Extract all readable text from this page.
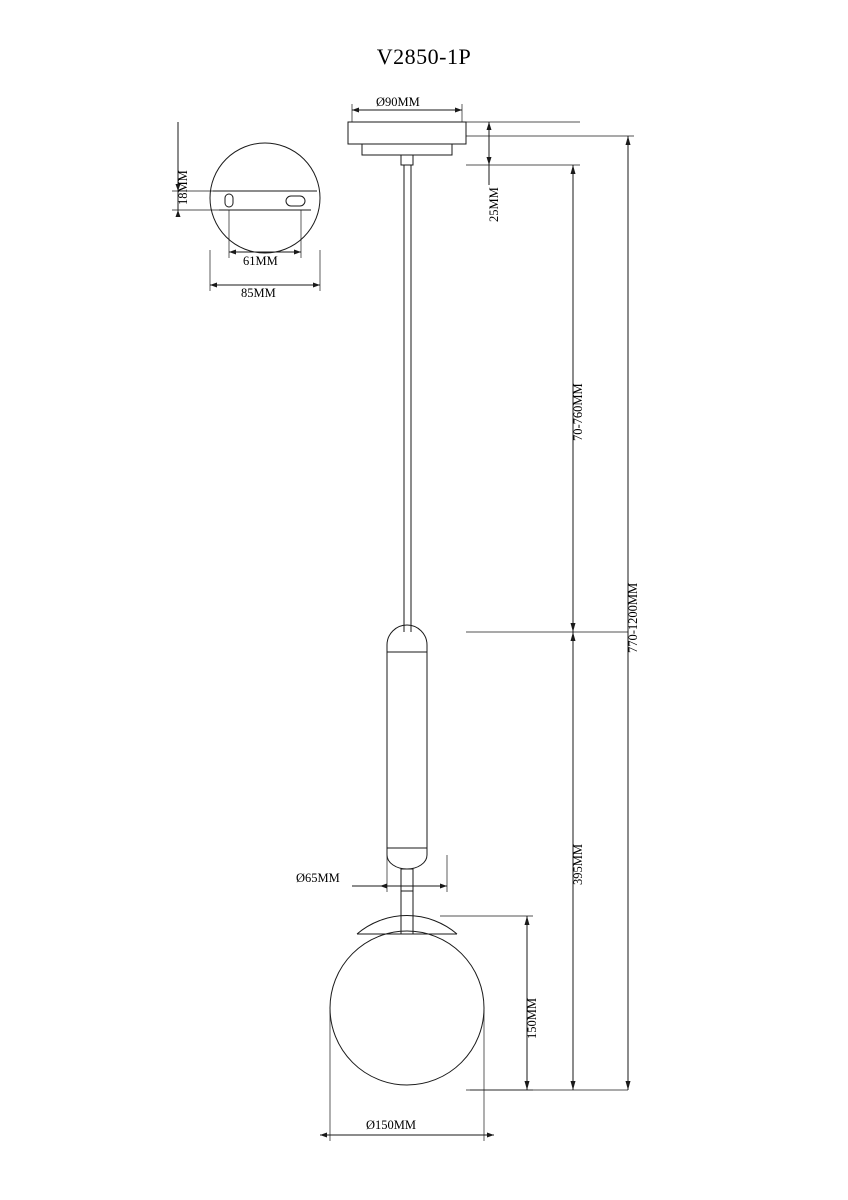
V2850-1P
18MM
61MM
85MM
Ø90MM
25MM
70-760MM
770-1200MM
395MM
Ø65MM
150MM
Ø150MM
